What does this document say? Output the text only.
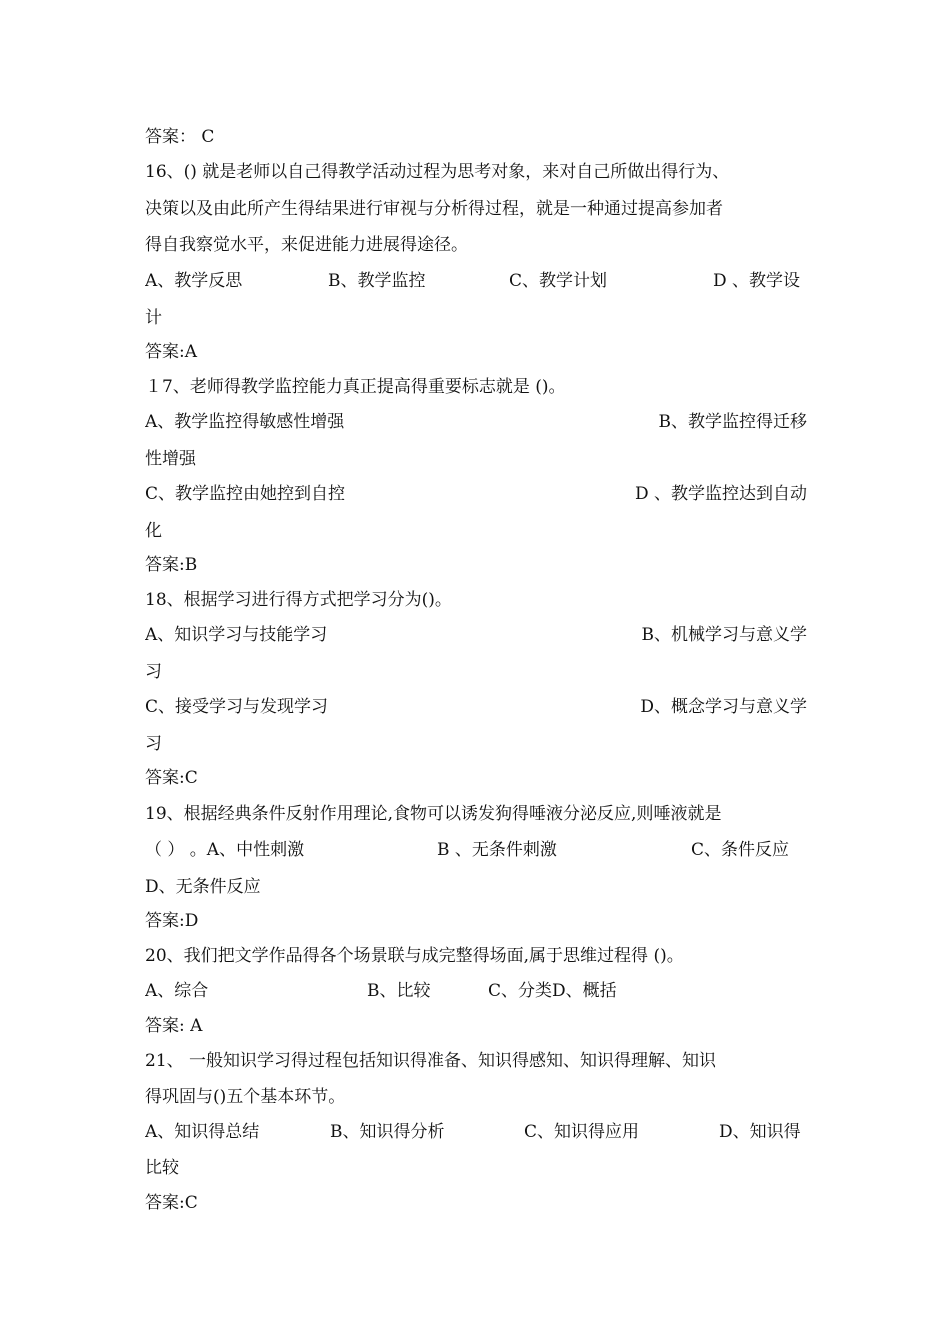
答案： C
16、() 就是老师以自己得教学活动过程为思考对象，来对自己所做出得行为、
决策以及由此所产生得结果进行审视与分析得过程，就是一种通过提高参加者
得自我察觉水平，来促进能力进展得途径。
A、教学反思	B、教学监控	C、教学计划	D 、教学设
计
答案:A
１7、老师得教学监控能力真正提高得重要标志就是 ()。
A、教学监控得敏感性增强	B、教学监控得迁移
性增强
C、教学监控由她控到自控	D 、教学监控达到自动
化
答案:B
18、根据学习进行得方式把学习分为()。
A、知识学习与技能学习	B、机械学习与意义学
习
C、接受学习与发现学习	D、概念学习与意义学
习
答案:C
19、根据经典条件反射作用理论,食物可以诱发狗得唾液分泌反应,则唾液就是
（ ） 。A、中性刺激	B 、无条件刺激	C、条件反应
D、无条件反应
答案:D
20、我们把文学作品得各个场景联与成完整得场面,属于思维过程得 ()。
A、综合	B、比较	C、分类D、概括
答案: A
21、 一般知识学习得过程包括知识得准备、知识得感知、知识得理解、知识
得巩固与()五个基本环节。
A、知识得总结	B、知识得分析	C、知识得应用	D、知识得
比较
答案:C
